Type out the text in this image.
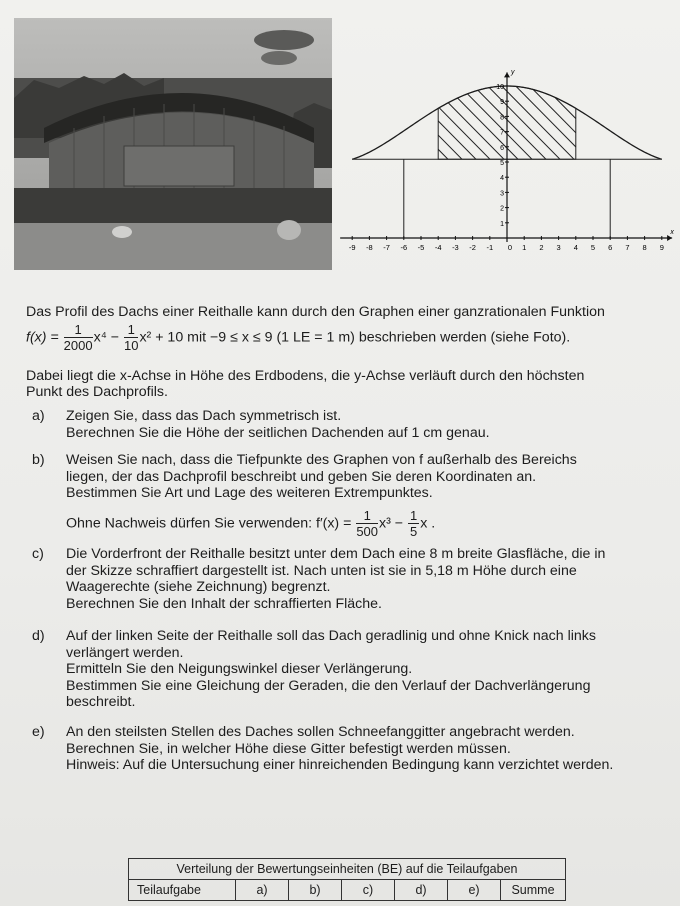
-9 -8 -7 -6 -5 -4 -3 -2 -1 0 1 2 3 4 5 6 7 8 9
1
2
3
4
5
6
7
8
9
10
x
y
Das Profil des Dachs einer Reithalle kann durch den Graphen einer ganzrationalen Funktion
$f(x) = \frac{1}{2000} x^4 - \frac{1}{10} x^2 + 10$ mit −9 ≤ x ≤ 9 (1 LE = 1 m) beschrieben werden (siehe Foto).
Dabei liegt die x-Achse in Höhe des Erdbodens, die y-Achse verläuft durch den höchsten
Punkt des Dachprofils.
a) Zeigen Sie, dass das Dach symmetrisch ist.
Berechnen Sie die Höhe der seitlichen Dachenden auf 1 cm genau.
b) Weisen Sie nach, dass die Tiefpunkte des Graphen von f außerhalb des Bereichs
liegen, der das Dachprofil beschreibt und geben Sie deren Koordinaten an.
Bestimmen Sie Art und Lage des weiteren Extrempunktes.
Ohne Nachweis dürfen Sie verwenden: $f'(x) = \frac{1}{500} x^3 - \frac{1}{5}$ x .
c) Die Vorderfront der Reithalle besitzt unter dem Dach eine 8 m breite Glasfläche, die in
der Skizze schraffiert dargestellt ist. Nach unten ist sie in 5,18 m Höhe durch eine
Waagerechte (siehe Zeichnung) begrenzt.
Berechnen Sie den Inhalt der schraffierten Fläche.
d) Auf der linken Seite der Reithalle soll das Dach geradlinig und ohne Knick nach links
verlängert werden.
Ermitteln Sie den Neigungswinkel dieser Verlängerung.
Bestimmen Sie eine Gleichung der Geraden, die den Verlauf der Dachverlängerung
beschreibt.
e) An den steilsten Stellen des Daches sollen Schneefanggitter angebracht werden.
Berechnen Sie, in welcher Höhe diese Gitter befestigt werden müssen.
Hinweis: Auf die Untersuchung einer hinreichenden Bedingung kann verzichtet werden.
Verteilung der Bewertungseinheiten (BE) auf die Teilaufgaben
Teilaufgabe	a)	b)	c)	d)	e)	Summe
